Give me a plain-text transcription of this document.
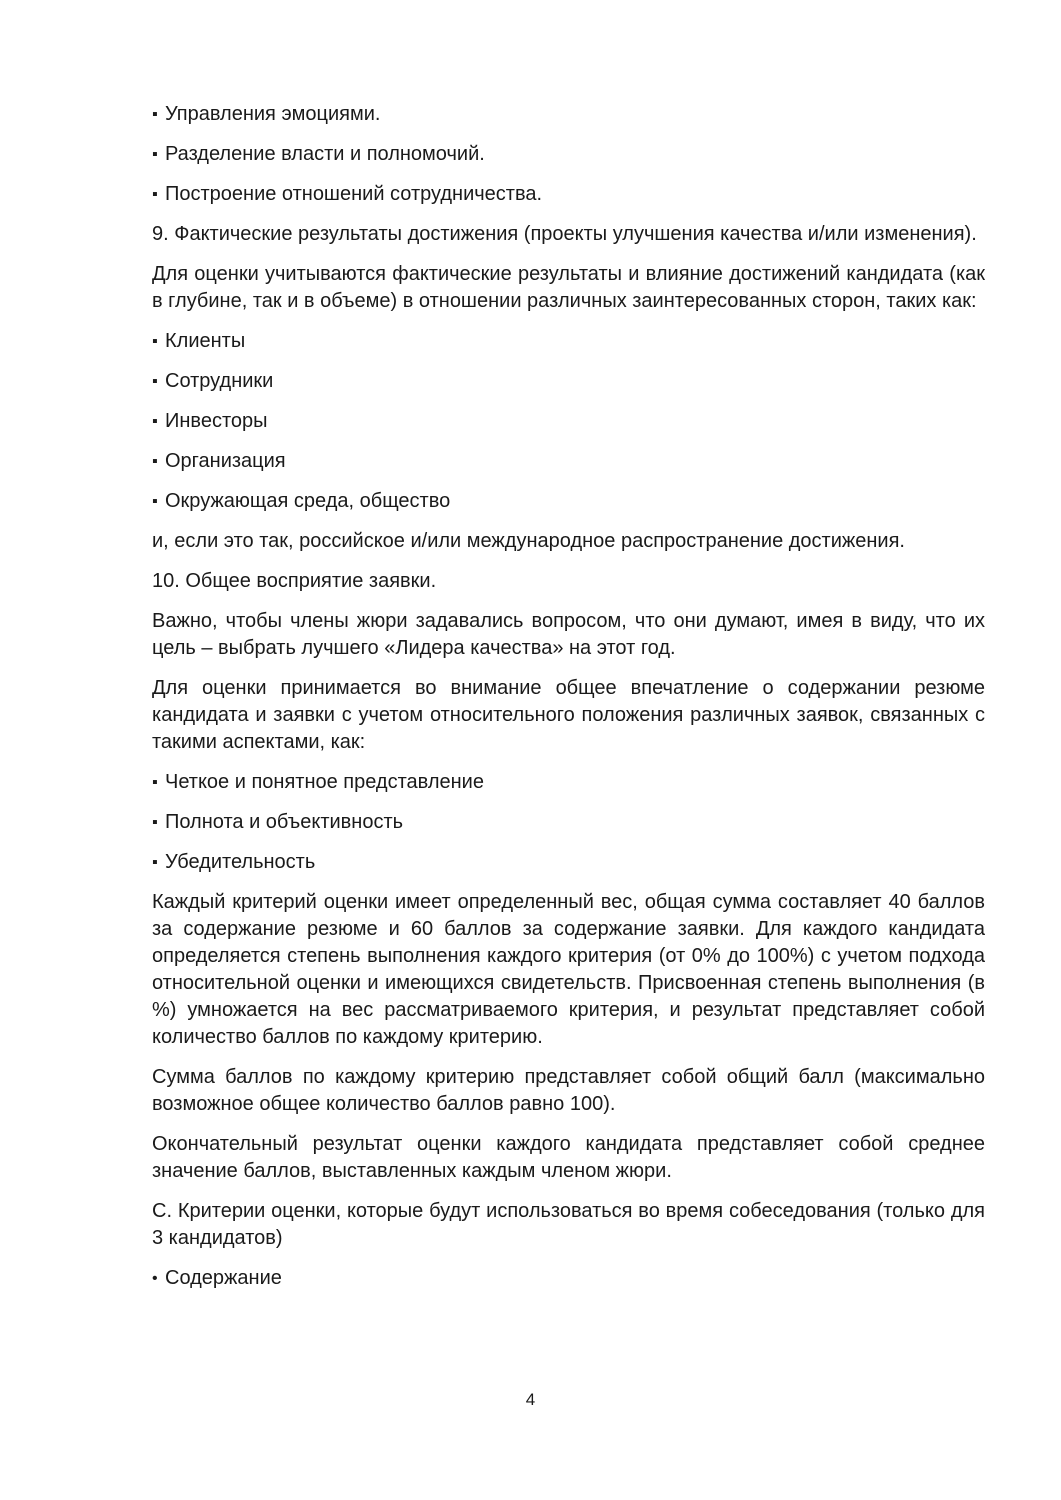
▪ Управления эмоциями.
▪ Разделение власти и полномочий.
▪ Построение отношений сотрудничества.

9. Фактические результаты достижения (проекты улучшения качества и/или изменения).

Для оценки учитываются фактические результаты и влияние достижений кандидата (как в глубине, так и в объеме) в отношении различных заинтересованных сторон, таких как:

▪ Клиенты
▪ Сотрудники
▪ Инвесторы
▪ Организация
▪ Окружающая среда, общество

и, если это так, российское и/или международное распространение достижения.

10. Общее восприятие заявки.

Важно, чтобы члены жюри задавались вопросом, что они думают, имея в виду, что их цель – выбрать лучшего «Лидера качества» на этот год.

Для оценки принимается во внимание общее впечатление о содержании резюме кандидата и заявки с учетом относительного положения различных заявок, связанных с такими аспектами, как:

▪ Четкое и понятное представление
▪ Полнота и объективность
▪ Убедительность

Каждый критерий оценки имеет определенный вес, общая сумма составляет 40 баллов за содержание резюме и 60 баллов за содержание заявки. Для каждого кандидата определяется степень выполнения каждого критерия (от 0% до 100%) с учетом подхода относительной оценки и имеющихся свидетельств. Присвоенная степень выполнения (в %) умножается на вес рассматриваемого критерия, и результат представляет собой количество баллов по каждому критерию.

Сумма баллов по каждому критерию представляет собой общий балл (максимально возможное общее количество баллов равно 100).

Окончательный результат оценки каждого кандидата представляет собой среднее значение баллов, выставленных каждым членом жюри.

С. Критерии оценки, которые будут использоваться во время собеседования (только для 3 кандидатов)

• Содержание
4
